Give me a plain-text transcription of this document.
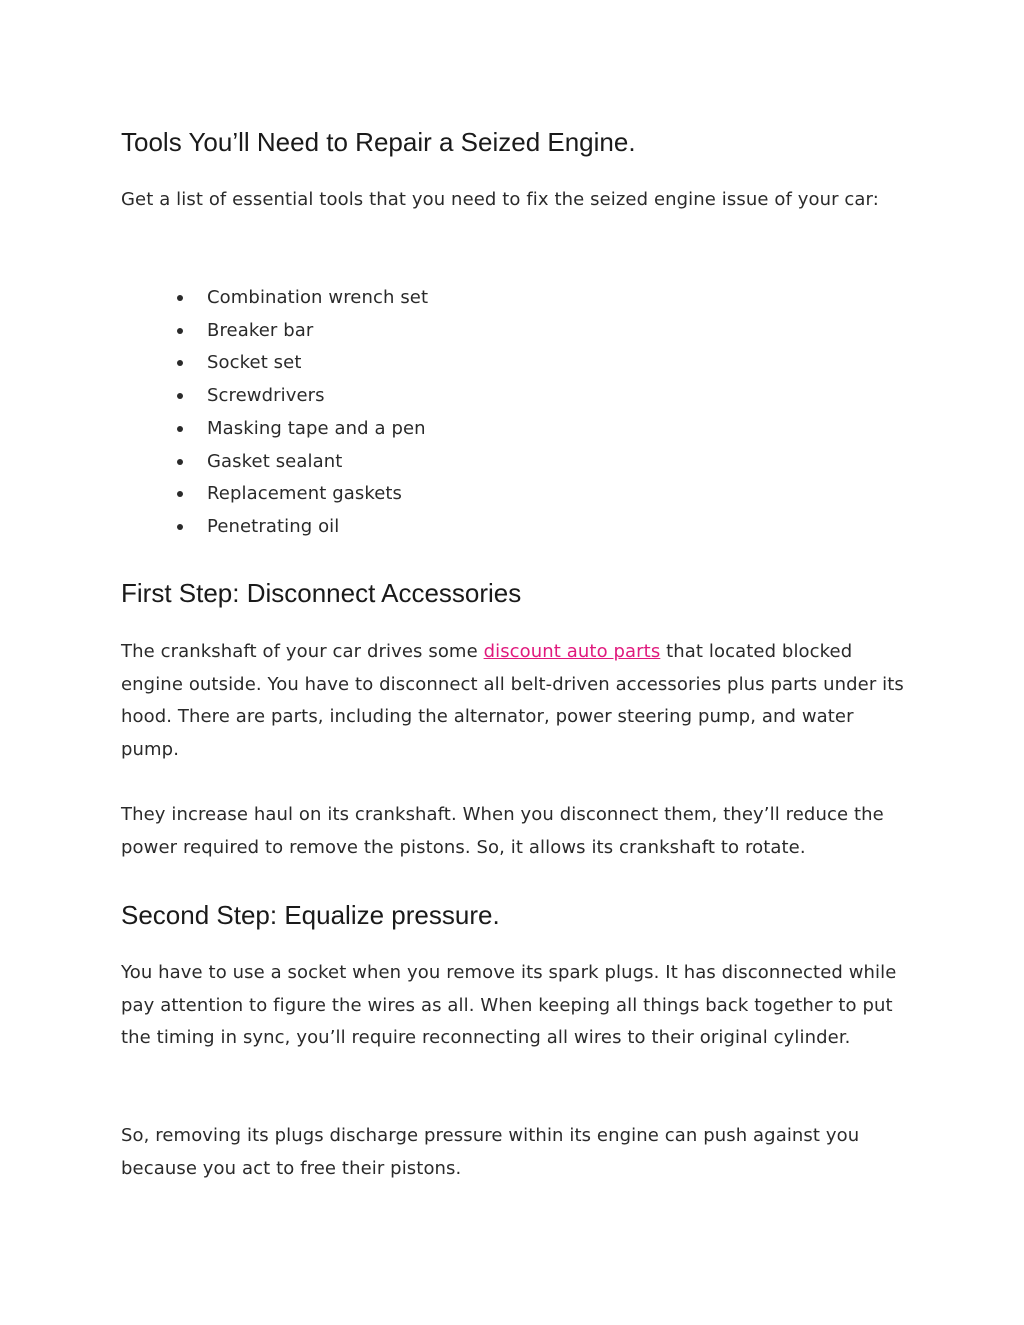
Tools You’ll Need to Repair a Seized Engine.

Get a list of essential tools that you need to fix the seized engine issue of your car:

Combination wrench set
Breaker bar
Socket set
Screwdrivers
Masking tape and a pen
Gasket sealant
Replacement gaskets
Penetrating oil
First Step: Disconnect Accessories

The crankshaft of your car drives some discount auto parts that located blocked engine outside. You have to disconnect all belt-driven accessories plus parts under its hood. There are parts, including the alternator, power steering pump, and water pump.

They increase haul on its crankshaft. When you disconnect them, they’ll reduce the power required to remove the pistons. So, it allows its crankshaft to rotate.

Second Step: Equalize pressure.

You have to use a socket when you remove its spark plugs. It has disconnected while pay attention to figure the wires as all. When keeping all things back together to put the timing in sync, you’ll require reconnecting all wires to their original cylinder.

So, removing its plugs discharge pressure within its engine can push against you because you act to free their pistons.
